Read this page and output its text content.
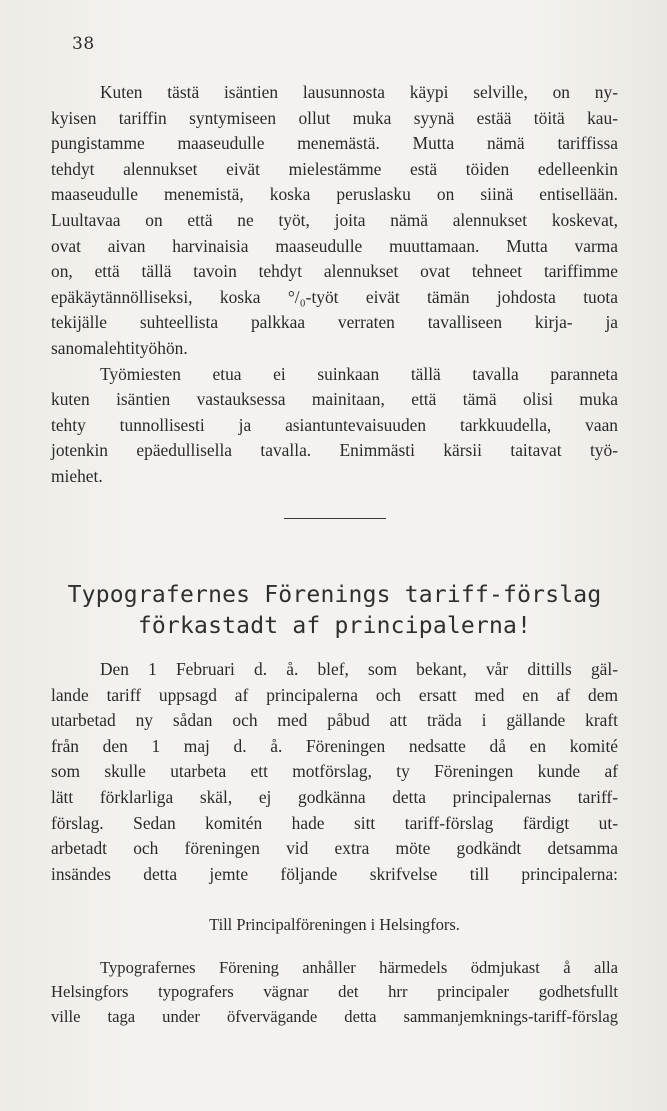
38
Kuten tästä isäntien lausunnosta käypi selville, on ny-
kyisen tariffin syntymiseen ollut muka syynä estää töitä kau-
pungistamme maaseudulle menemästä. Mutta nämä tariffissa
tehdyt alennukset eivät mielestämme estä töiden edelleenkin
maaseudulle menemistä, koska peruslasku on siinä entisellään.
Luultavaa on että ne työt, joita nämä alennukset koskevat,
ovat aivan harvinaisia maaseudulle muuttamaan. Mutta varma
on, että tällä tavoin tehdyt alennukset ovat tehneet tariffimme
epäkäytännölliseksi, koska °/₀-työt eivät tämän johdosta tuota
tekijälle suhteellista palkkaa verraten tavalliseen kirja- ja
sanomalehtityöhön.
Työmiesten etua ei suinkaan tällä tavalla paranneta
kuten isäntien vastauksessa mainitaan, että tämä olisi muka
tehty tunnollisesti ja asiantuntevaisuuden tarkkuudella, vaan
jotenkin epäedullisella tavalla. Enimmästi kärsii taitavat työ-
miehet.
Typografernes Förenings tariff-förslag
förkastadt af principalerna!
Den 1 Februari d. å. blef, som bekant, vår dittills gäl-
lande tariff uppsagd af principalerna och ersatt med en af dem
utarbetad ny sådan och med påbud att träda i gällande kraft
från den 1 maj d. å. Föreningen nedsatte då en komité
som skulle utarbeta ett motförslag, ty Föreningen kunde af
lätt förklarliga skäl, ej godkänna detta principalernas tariff-
förslag. Sedan komitén hade sitt tariff-förslag färdigt ut-
arbetadt och föreningen vid extra möte godkändt detsamma
insändes detta jemte följande skrifvelse till principalerna:
Till Principalföreningen i Helsingfors.
Typografernes Förening anhåller härmedels ödmjukast å alla
Helsingfors typografers vägnar det hrr principaler godhetsfullt
ville taga under öfvervägande detta sammanjemknings-tariff-förslag
